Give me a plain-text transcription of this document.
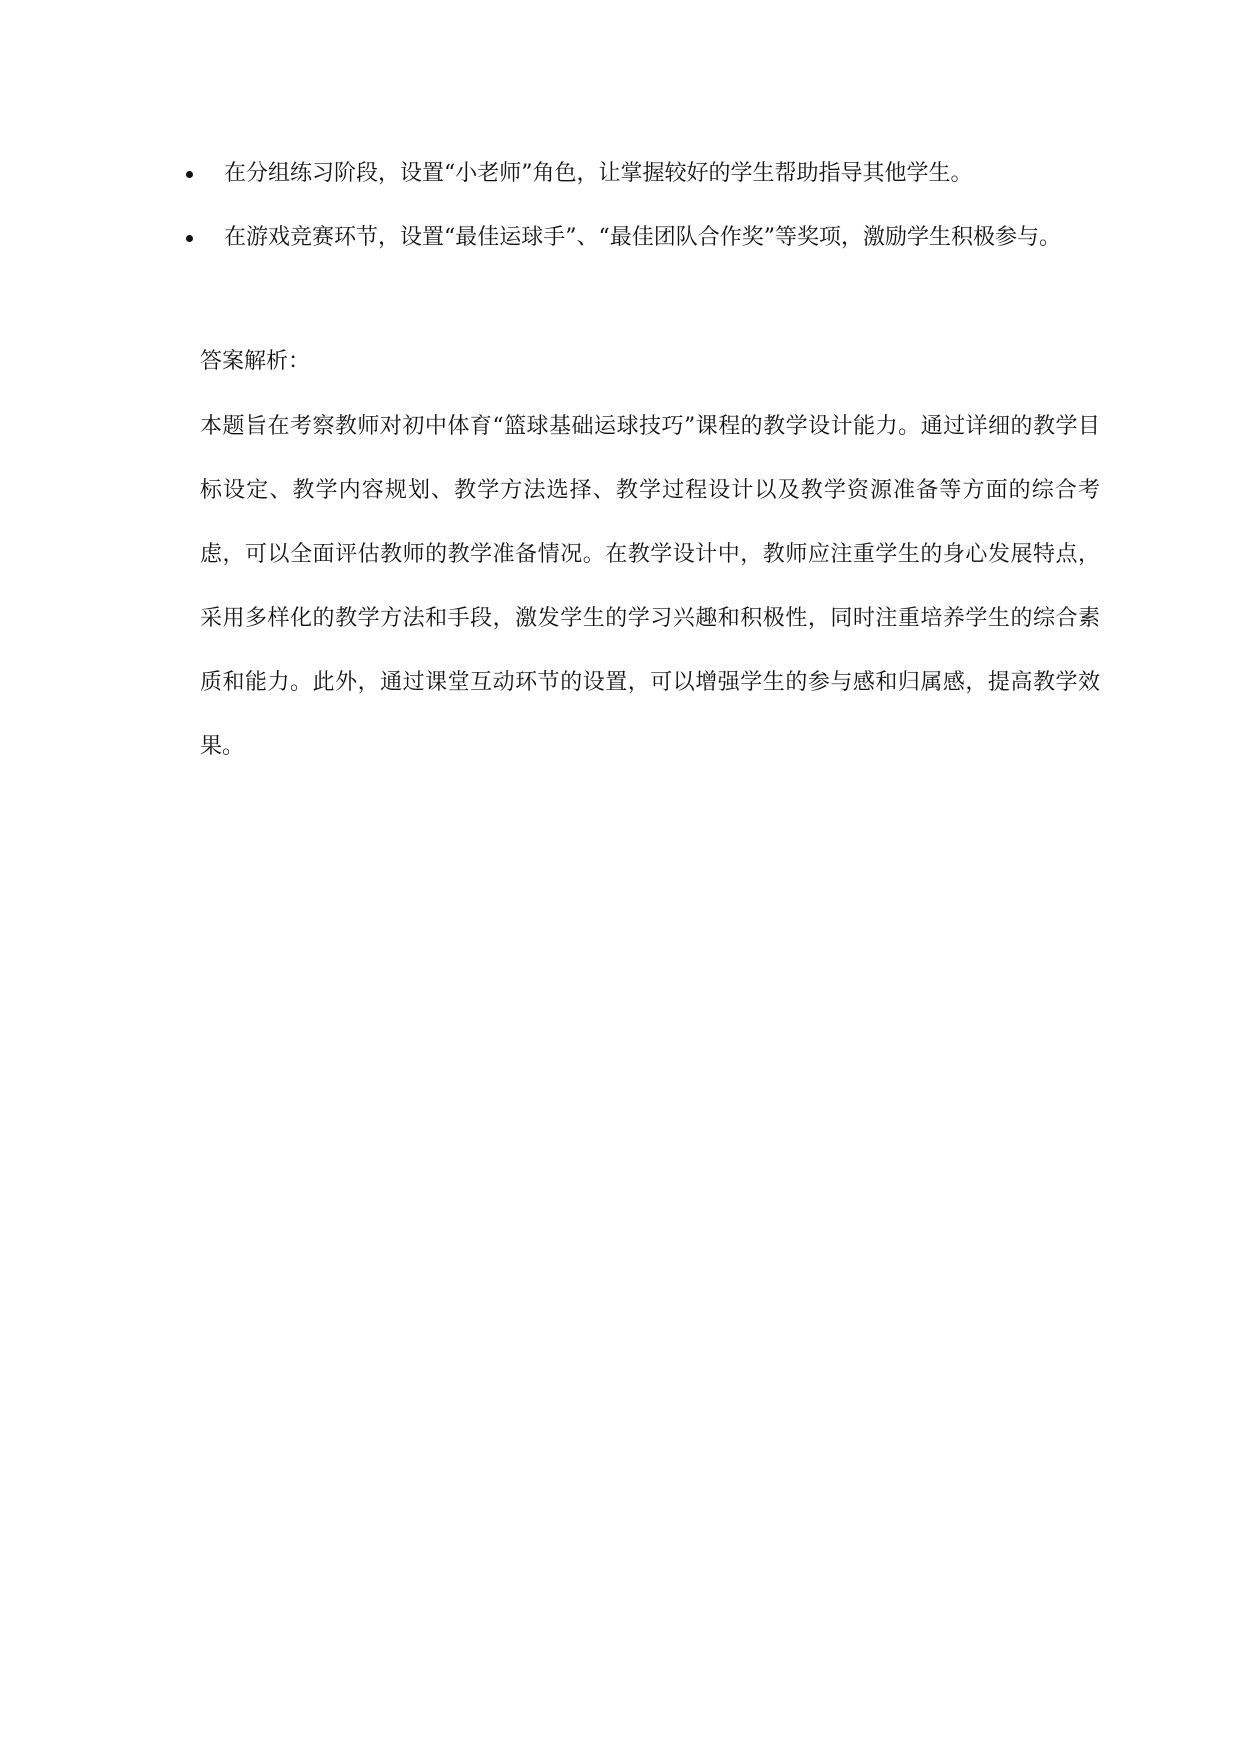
在分组练习阶段，设置“小老师”角色，让掌握较好的学生帮助指导其他学生。
在游戏竞赛环节，设置“最佳运球手”、“最佳团队合作奖”等奖项，激励学生积极参与。
答案解析：

本题旨在考察教师对初中体育“篮球基础运球技巧”课程的教学设计能力。通过详细的教学目标设定、教学内容规划、教学方法选择、教学过程设计以及教学资源准备等方面的综合考虑，可以全面评估教师的教学准备情况。在教学设计中，教师应注重学生的身心发展特点，采用多样化的教学方法和手段，激发学生的学习兴趣和积极性，同时注重培养学生的综合素质和能力。此外，通过课堂互动环节的设置，可以增强学生的参与感和归属感，提高教学效果。
